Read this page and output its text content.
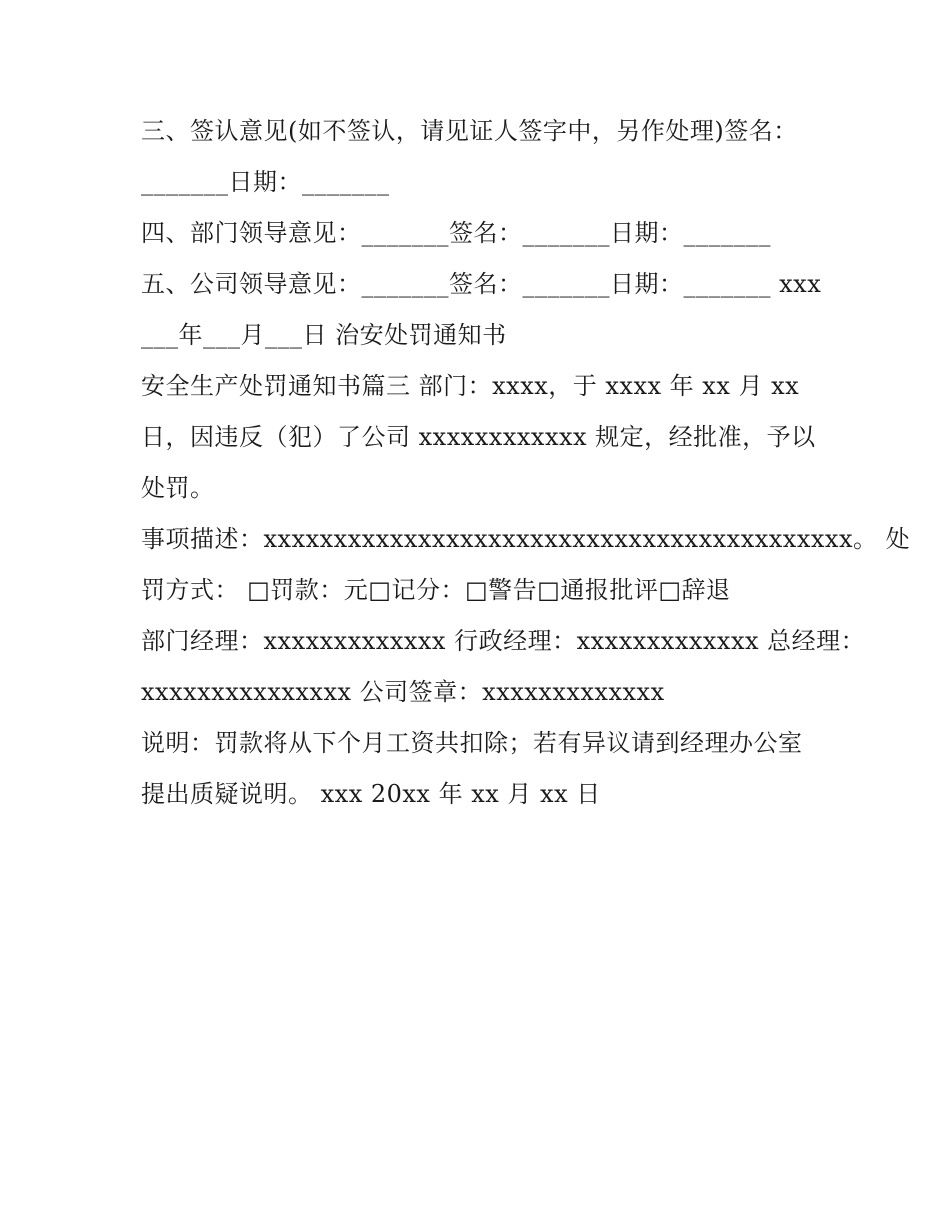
三、签认意见(如不签认，请见证人签字中，另作处理)签名：
_______日期：_______
四、部门领导意见：_______签名：_______日期：_______
五、公司领导意见：_______签名：_______日期：_______ xxx
___年___月___日 治安处罚通知书
安全生产处罚通知书篇三 部门：xxxx，于 xxxx 年 xx 月 xx
日，因违反（犯）了公司 xxxxxxxxxxxx 规定，经批准，予以
处罚。
事项描述：xxxxxxxxxxxxxxxxxxxxxxxxxxxxxxxxxxxxxxxxxx。 处
罚方式： □罚款：元□记分：□警告□通报批评□辞退
部门经理：xxxxxxxxxxxxx 行政经理：xxxxxxxxxxxxx 总经理：
xxxxxxxxxxxxxxx 公司签章：xxxxxxxxxxxxx
说明：罚款将从下个月工资共扣除；若有异议请到经理办公室
提出质疑说明。 xxx 20xx 年 xx 月 xx 日
